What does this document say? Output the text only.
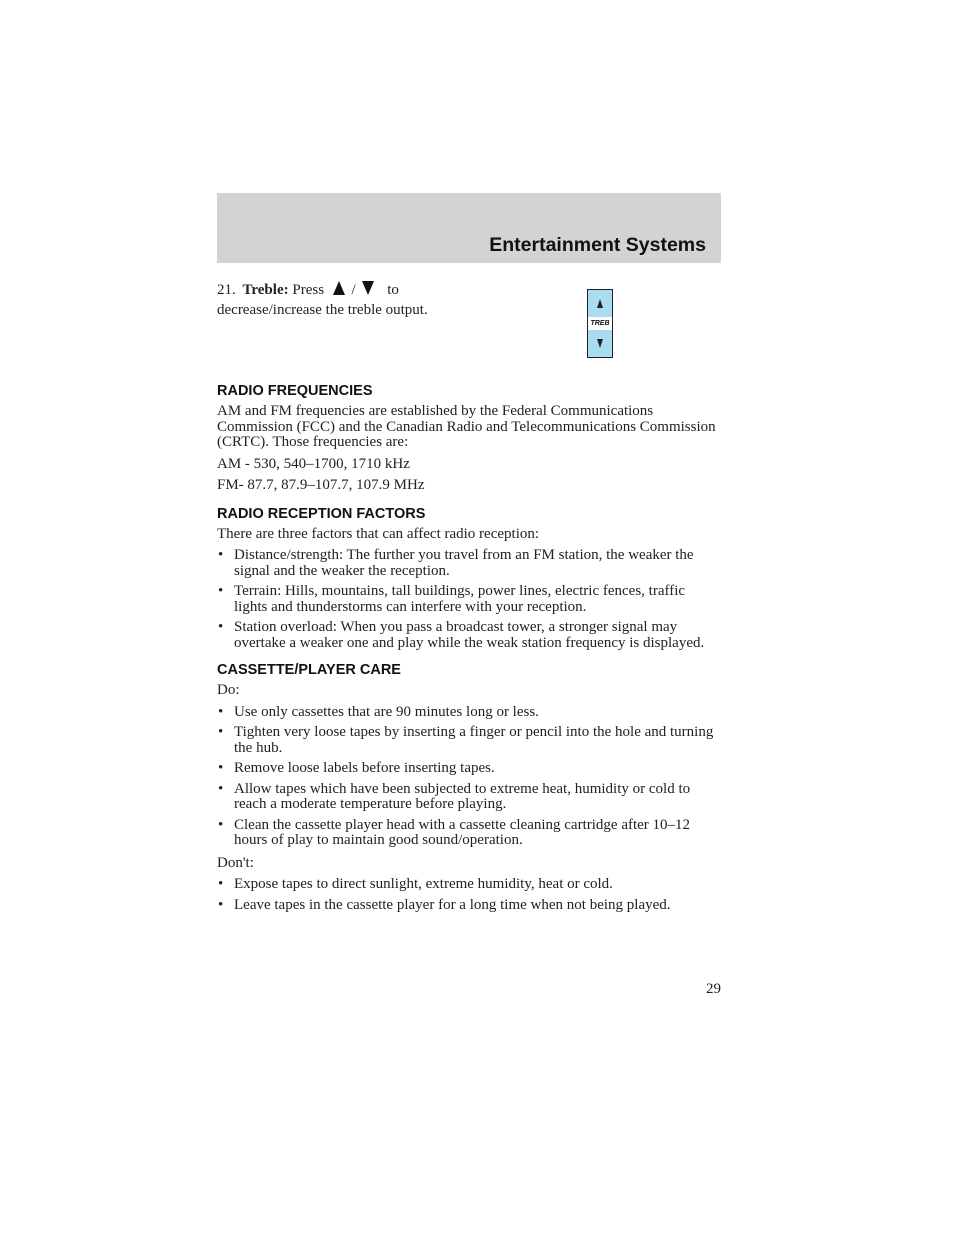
Entertainment Systems
21. Treble: Press / to
decrease/increase the treble output.
TREB
RADIO FREQUENCIES

AM and FM frequencies are established by the Federal Communications Commission (FCC) and the Canadian Radio and Telecommunications Commission (CRTC). Those frequencies are:

AM - 530, 540–1700, 1710 kHz

FM- 87.7, 87.9–107.7, 107.9 MHz

RADIO RECEPTION FACTORS

There are three factors that can affect radio reception:

• Distance/strength: The further you travel from an FM station, the weaker the signal and the weaker the reception.
• Terrain: Hills, mountains, tall buildings, power lines, electric fences, traffic lights and thunderstorms can interfere with your reception.
• Station overload: When you pass a broadcast tower, a stronger signal may overtake a weaker one and play while the weak station frequency is displayed.
CASSETTE/PLAYER CARE

Do:

• Use only cassettes that are 90 minutes long or less.
• Tighten very loose tapes by inserting a finger or pencil into the hole and turning the hub.
• Remove loose labels before inserting tapes.
• Allow tapes which have been subjected to extreme heat, humidity or cold to reach a moderate temperature before playing.
• Clean the cassette player head with a cassette cleaning cartridge after 10–12 hours of play to maintain good sound/operation.

Don't:

• Expose tapes to direct sunlight, extreme humidity, heat or cold.
• Leave tapes in the cassette player for a long time when not being played.
29
